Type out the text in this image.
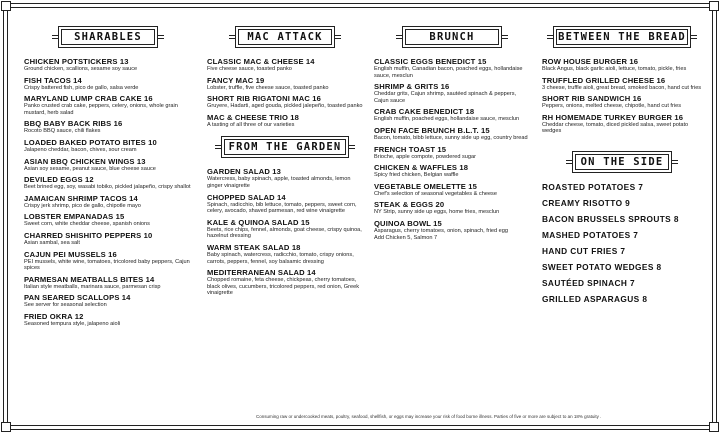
SHARABLES
CHICKEN POTSTICKERS 13
Ground chicken, scallions, sesame soy sauce
FISH TACOS 14
Crispy battered fish, pico de gallo, salsa verde
MARYLAND LUMP CRAB CAKE 16
Panko crusted crab cake, peppers, celery, onions, whole grain mustard, herb salad
BBQ BABY BACK RIBS 16
Rocoto BBQ sauce, chili flakes
LOADED BAKED POTATO BITES 10
Jalapeno cheddar, bacon, chives, sour cream
ASIAN BBQ CHICKEN WINGS 13
Asian soy sesame, peanut sauce, blue cheese sauce
DEVILED EGGS 12
Beet brined egg, soy, wasabi tobiko, pickled jalapeño, crispy shallot
JAMAICAN SHRIMP TACOS 14
Crispy jerk shrimp, pico de gallo, chipotle mayo
LOBSTER EMPANADAS 15
Sweet corn, white cheddar cheese, spanish onions
CHARRED SHISHITO PEPPERS 10
Asian sambal, sea salt
CAJUN PEI MUSSELS 16
PEI mussels, white wine, tomatoes, tricolored baby peppers, Cajun spices
PARMESAN MEATBALLS BITES 14
Italian style meatballs, marinara sauce, parmesan crisp
PAN SEARED SCALLOPS 14
See server for seasonal selection
FRIED OKRA 12
Seasoned tempura style, jalapeno aioli
MAC ATTACK
CLASSIC MAC & CHEESE 14
Five cheese sauce, toasted panko
FANCY MAC 19
Lobster, truffle, five cheese sauce, toasted panko
SHORT RIB RIGATONI MAC 16
Gruyere, Hadarti, aged gouda, pickled jalepeño, toasted panko
MAC & CHEESE TRIO 18
A tasting of all three of our varieties
FROM THE GARDEN
GARDEN SALAD 13
Watercress, baby spinach, apple, toasted almonds, lemon ginger vinaigrette
CHOPPED SALAD 14
Spinach, radicchio, bib lettuce, tomato, peppers, sweet corn, celery, avocado, shaved parmesan, red wine vinaigrette
KALE & QUINOA SALAD 15
Beets, rice chips, fennel, almonds, goat cheese, crispy quinoa, hazelnut dressing
WARM STEAK SALAD 18
Baby spinach, watercress, radicchio, tomato, crispy onions, carrots, peppers, fennel, soy balsamic dressing
MEDITERRANEAN SALAD 14
Chopped romaine, feta cheese, chickpeas, cherry tomatoes, black olives, cucumbers, tricolored peppers, red onion, Greek vinaigrette
BRUNCH
CLASSIC EGGS BENEDICT 15
English muffin, Canadian bacon, poached eggs, hollandaise sauce, mesclun
SHRIMP & GRITS 16
Cheddar grits, Cajun shrimp, sautéed spinach & peppers, Cajun sauce
CRAB CAKE BENEDICT 18
English muffin, poached eggs, hollandaise sauce, mesclun
OPEN FACE BRUNCH B.L.T. 15
Bacon, tomato, bibb lettuce, sunny side up egg, country bread
FRENCH TOAST 15
Brioche, apple compote, powdered sugar
CHICKEN & WAFFLES 18
Spicy fried chicken, Belgian waffle
VEGETABLE OMELETTE 15
Chef's selection of seasonal vegetables & cheese
STEAK & EGGS 20
NY Strip, sunny side up eggs, home fries, mesclun
QUINOA BOWL 15
Asparagus, cherry tomatoes, onion, spinach, fried egg
Add Chicken 5, Salmon 7
BETWEEN THE BREAD
ROW HOUSE BURGER 16
Black Angus, black garlic aioli, lettuce, tomato, pickle, fries
TRUFFLED GRILLED CHEESE 16
3 cheese, truffle aioli, great bread, smoked bacon, hand cut fries
SHORT RIB SANDWICH 16
Peppers, onions, melted cheese, chipotle, hand cut fries
RH HOMEMADE TURKEY BURGER 16
Cheddar cheese, tomato, diced pickled salsa, sweet potato wedges
ON THE SIDE
ROASTED POTATOES 7
CREAMY RISOTTO 9
BACON BRUSSELS SPROUTS 8
MASHED POTATOES 7
HAND CUT FRIES 7
SWEET POTATO WEDGES 8
SAUTÉED SPINACH 7
GRILLED ASPARAGUS 8
Consuming raw or undercooked meats, poultry, seafood, shellfish, or eggs may increase your risk of food borne illness. Parties of five or more are subject to an 18% gratuity .
